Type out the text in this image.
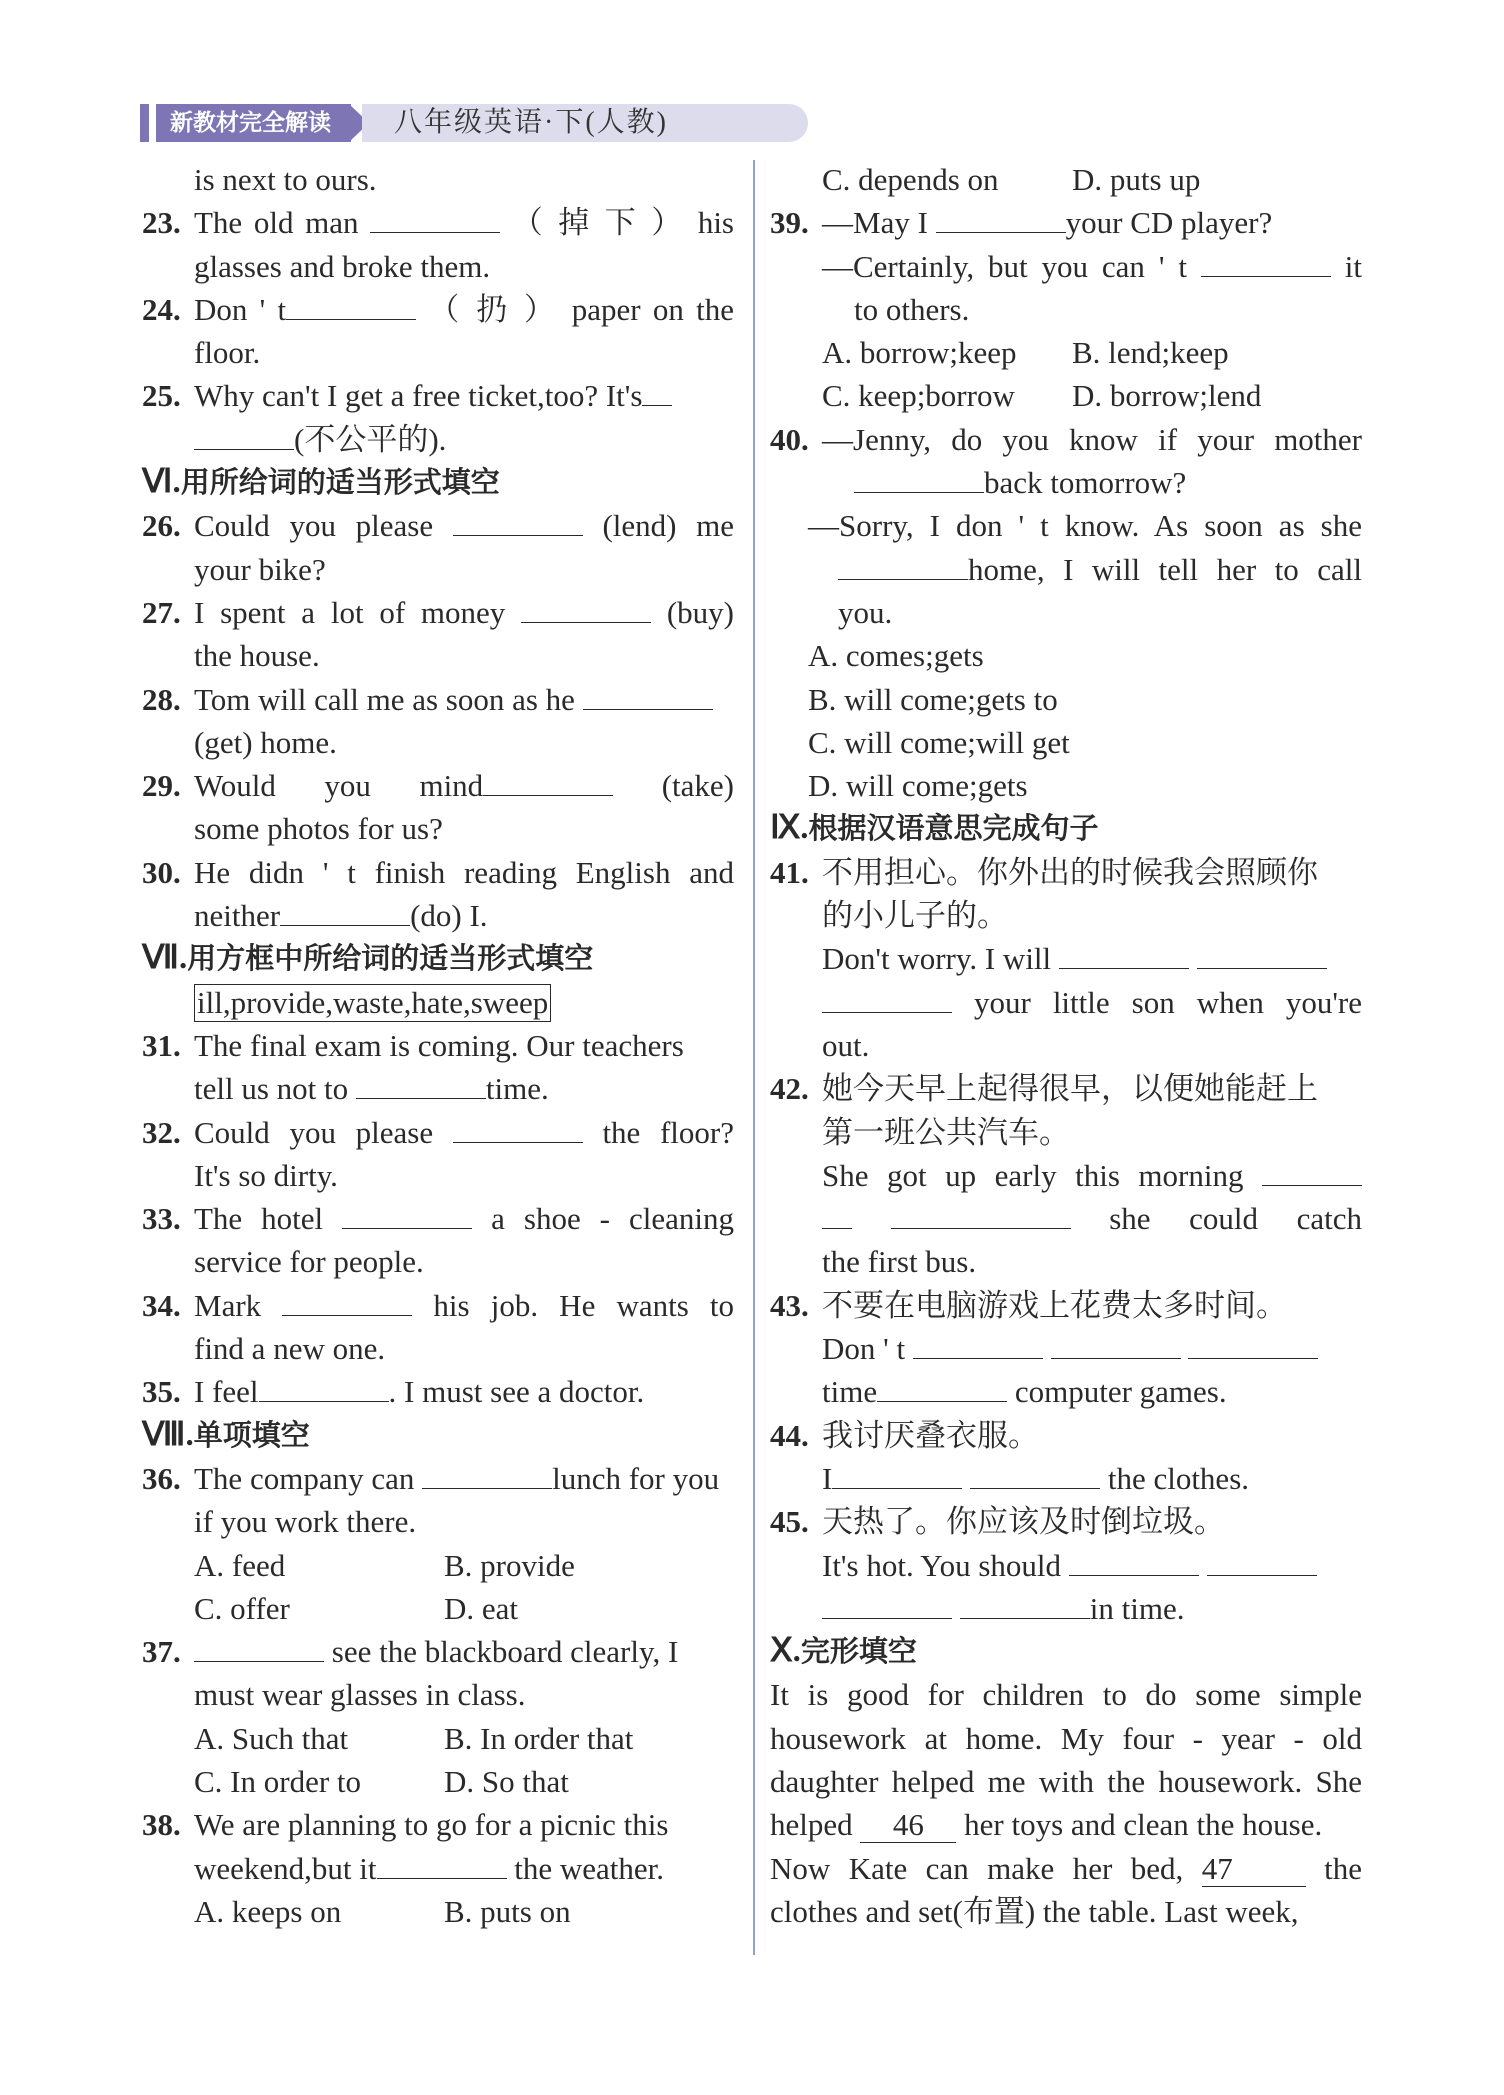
新教材完全解读	八年级英语·下(人教)
is next to ours.
23. The old man	（ 掉 下 ） his
glasses and broke them.
24. Don ' t	（ 扔 ） paper on the
floor.
25. Why can't I get a free ticket,too? It's
(不公平的).
Ⅵ.用所给词的适当形式填空
26. Could you please	(lend) me
your bike?
27. I spent a lot of money	(buy)
the house.
28. Tom will call me as soon as he
(get) home.
29. Would you mind	(take)
some photos for us?
30. He didn ' t finish reading English and
neither	(do) I.
Ⅶ.用方框中所给词的适当形式填空
ill,provide,waste,hate,sweep
31. The final exam is coming. Our teachers
tell us not to	time.
32. Could you please	the floor?
It's so dirty.
33. The hotel	a shoe - cleaning
service for people.
34. Mark	his job. He wants to
find a new one.
35. I feel	. I must see a doctor.
Ⅷ.单项填空
36. The company can	lunch for you
if you work there.
A. feed	B. provide
C. offer	D. eat
37.	see the blackboard clearly, I
must wear glasses in class.
A. Such that	B. In order that
C. In order to	D. So that
38. We are planning to go for a picnic this
weekend,but it	the weather.
A. keeps on	B. puts on
C. depends on D. puts up
39. —May I	your CD player?
—Certainly, but you can ' t	it
to others.
A. borrow;keep B. lend;keep
C. keep;borrow D. borrow;lend
40. —Jenny, do you know if your mother
back tomorrow?
—Sorry, I don ' t know. As soon as she
home, I will tell her to call
you.
A. comes;gets
B. will come;gets to
C. will come;will get
D. will come;gets
Ⅸ.根据汉语意思完成句子
41. 不用担心。你外出的时候我会照顾你
的小儿子的。
Don't worry. I will
your little son when you're
out.
42. 她今天早上起得很早，以便她能赶上
第一班公共汽车。
She got up early this morning
she could catch
the first bus.
43. 不要在电脑游戏上花费太多时间。
Don ' t
time	computer games.
44. 我讨厌叠衣服。
I	the clothes.
45. 天热了。你应该及时倒垃圾。
It's hot. You should
in time.
Ⅹ.完形填空
It is good for children to do some simple
housework at home. My four - year - old
daughter helped me with the housework. She
helped 46 her toys and clean the house.
Now Kate can make her bed, 47	the
clothes and set(布置) the table. Last week,
